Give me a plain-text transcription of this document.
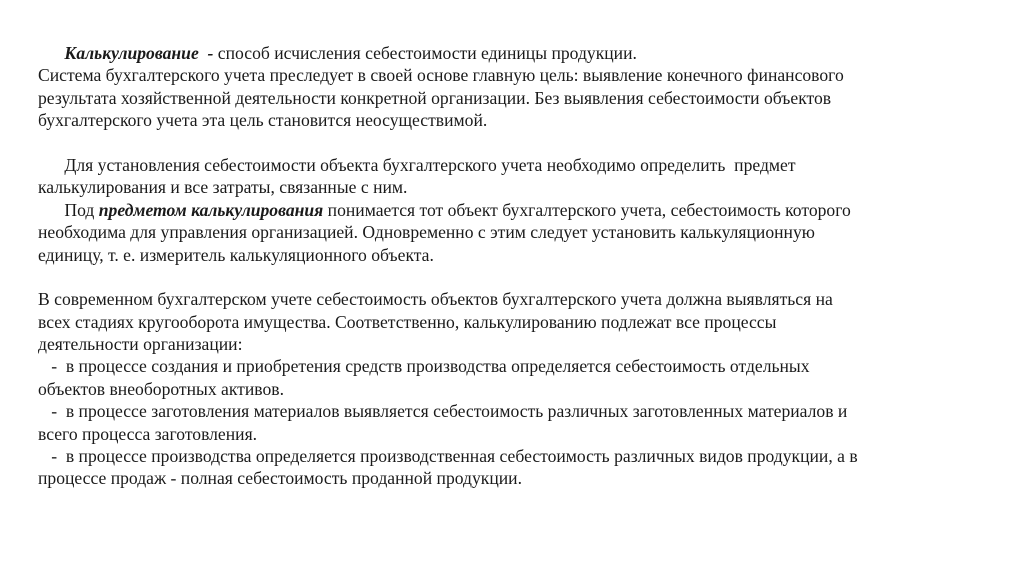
Калькулирование  - способ исчисления себестоимости единицы продукции.
Система бухгалтерского учета преследует в своей основе главную цель: выявление конечного финансового
результата хозяйственной деятельности конкретной организации. Без выявления себестоимости объектов
бухгалтерского учета эта цель становится неосуществимой.
Для установления себестоимости объекта бухгалтерского учета необходимо определить  предмет
калькулирования и все затраты, связанные с ним.
Под предметом калькулирования понимается тот объект бухгалтерского учета, себестоимость которого
необходима для управления организацией. Одновременно с этим следует установить калькуляционную
единицу, т. е. измеритель калькуляционного объекта.
В современном бухгалтерском учете себестоимость объектов бухгалтерского учета должна выявляться на
всех стадиях кругооборота имущества. Соответственно, калькулированию подлежат все процессы
деятельности организации:
-  в процессе создания и приобретения средств производства определяется себестоимость отдельных
объектов внеоборотных активов.
-  в процессе заготовления материалов выявляется себестоимость различных заготовленных материалов и
всего процесса заготовления.
-  в процессе производства определяется производственная себестоимость различных видов продукции, а в
процессе продаж - полная себестоимость проданной продукции.
